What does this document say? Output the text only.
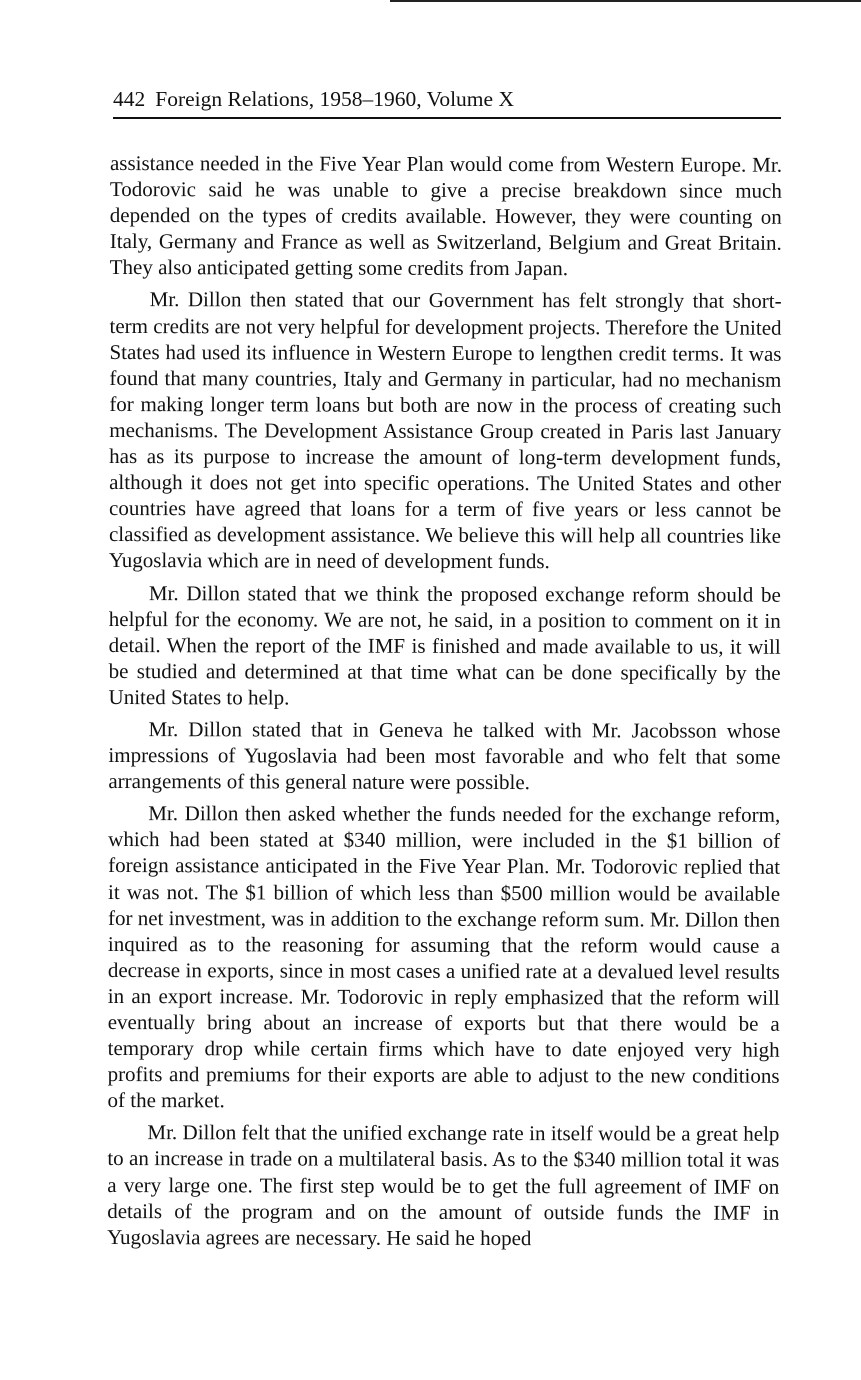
442 Foreign Relations, 1958–1960, Volume X

assistance needed in the Five Year Plan would come from Western Europe. Mr. Todorovic said he was unable to give a precise breakdown since much depended on the types of credits available. However, they were counting on Italy, Germany and France as well as Switzerland, Belgium and Great Britain. They also anticipated getting some credits from Japan.

Mr. Dillon then stated that our Government has felt strongly that short-term credits are not very helpful for development projects. Therefore the United States had used its influence in Western Europe to lengthen credit terms. It was found that many countries, Italy and Germany in particular, had no mechanism for making longer term loans but both are now in the process of creating such mechanisms. The Development Assistance Group created in Paris last January has as its purpose to increase the amount of long-term development funds, although it does not get into specific operations. The United States and other countries have agreed that loans for a term of five years or less cannot be classified as development assistance. We believe this will help all countries like Yugoslavia which are in need of development funds.

Mr. Dillon stated that we think the proposed exchange reform should be helpful for the economy. We are not, he said, in a position to comment on it in detail. When the report of the IMF is finished and made available to us, it will be studied and determined at that time what can be done specifically by the United States to help.

Mr. Dillon stated that in Geneva he talked with Mr. Jacobsson whose impressions of Yugoslavia had been most favorable and who felt that some arrangements of this general nature were possible.

Mr. Dillon then asked whether the funds needed for the exchange reform, which had been stated at $340 million, were included in the $1 billion of foreign assistance anticipated in the Five Year Plan. Mr. Todorovic replied that it was not. The $1 billion of which less than $500 million would be available for net investment, was in addition to the exchange reform sum. Mr. Dillon then inquired as to the reasoning for assuming that the reform would cause a decrease in exports, since in most cases a unified rate at a devalued level results in an export increase. Mr. Todorovic in reply emphasized that the reform will eventually bring about an increase of exports but that there would be a temporary drop while certain firms which have to date enjoyed very high profits and premiums for their exports are able to adjust to the new conditions of the market.

Mr. Dillon felt that the unified exchange rate in itself would be a great help to an increase in trade on a multilateral basis. As to the $340 million total it was a very large one. The first step would be to get the full agreement of IMF on details of the program and on the amount of outside funds the IMF in Yugoslavia agrees are necessary. He said he hoped
